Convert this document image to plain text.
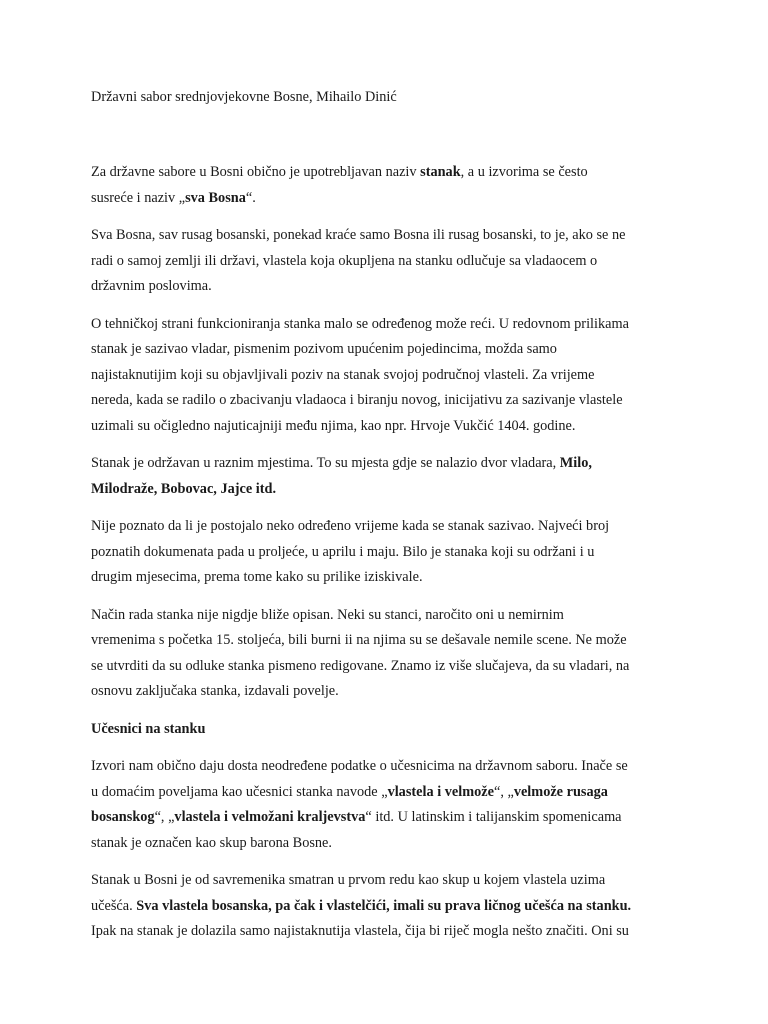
Državni sabor srednjovjekovne Bosne, Mihailo Dinić

Za državne sabore u Bosni obično je upotrebljavan naziv stanak, a u izvorima se često
susreće i naziv „sva Bosna“.

Sva Bosna, sav rusag bosanski, ponekad kraće samo Bosna ili rusag bosanski, to je, ako se ne
radi o samoj zemlji ili državi, vlastela koja okupljena na stanku odlučuje sa vladaocem o
državnim poslovima.

O tehničkoj strani funkcioniranja stanka malo se određenog može reći. U redovnom prilikama
stanak je sazivao vladar, pismenim pozivom upućenim pojedincima, možda samo
najistaknutijim koji su objavljivali poziv na stanak svojoj područnoj vlasteli. Za vrijeme
nereda, kada se radilo o zbacivanju vladaoca i biranju novog, inicijativu za sazivanje vlastele
uzimali su očigledno najuticajniji među njima, kao npr. Hrvoje Vukčić 1404. godine.

Stanak je održavan u raznim mjestima. To su mjesta gdje se nalazio dvor vladara, Milo,
Milodraže, Bobovac, Jajce itd.

Nije poznato da li je postojalo neko određeno vrijeme kada se stanak sazivao. Najveći broj
poznatih dokumenata pada u proljeće, u aprilu i maju. Bilo je stanaka koji su održani i u
drugim mjesecima, prema tome kako su prilike iziskivale.

Način rada stanka nije nigdje bliže opisan. Neki su stanci, naročito oni u nemirnim
vremenima s početka 15. stoljeća, bili burni ii na njima su se dešavale nemile scene. Ne može
se utvrditi da su odluke stanka pismeno redigovane. Znamo iz više slučajeva, da su vladari, na
osnovu zaključaka stanka, izdavali povelje.

Učesnici na stanku

Izvori nam obično daju dosta neodređene podatke o učesnicima na državnom saboru. Inače se
u domaćim poveljama kao učesnici stanka navode „vlastela i velmože“, „velmože rusaga
bosanskog“, „vlastela i velmožani kraljevstva“ itd. U latinskim i talijanskim spomenicama
stanak je označen kao skup barona Bosne.

Stanak u Bosni je od savremenika smatran u prvom redu kao skup u kojem vlastela uzima
učešća. Sva vlastela bosanska, pa čak i vlastelčići, imali su prava ličnog učešća na stanku.
Ipak na stanak je dolazila samo najistaknutija vlastela, čija bi riječ mogla nešto značiti. Oni su
